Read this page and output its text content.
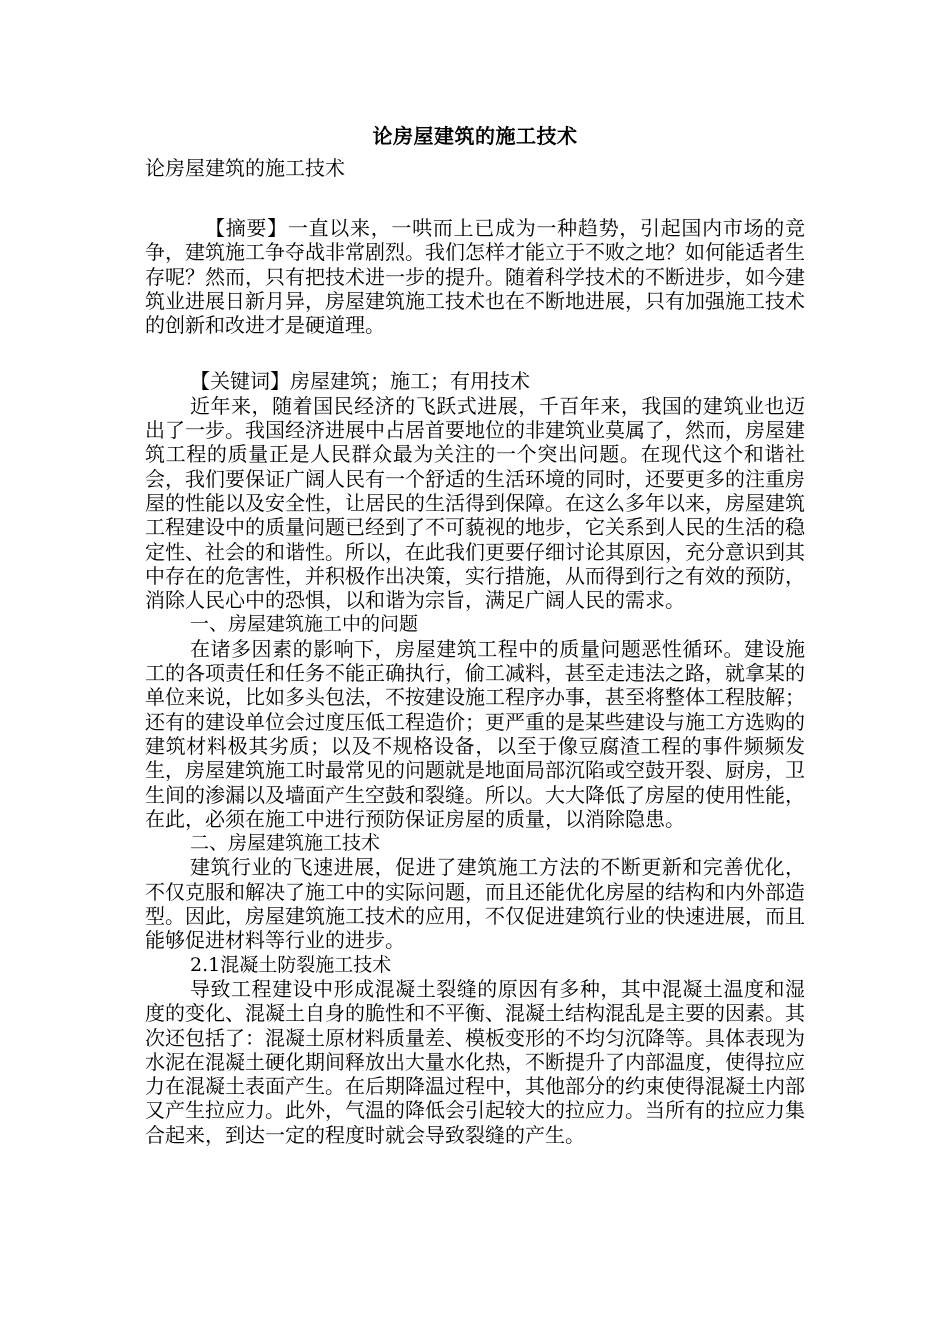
论房屋建筑的施工技术

论房屋建筑的施工技术

【摘要】一直以来，一哄而上已成为一种趋势，引起国内市场的竞争，建筑施工争夺战非常剧烈。我们怎样才能立于不败之地？如何能适者生存呢？然而，只有把技术进一步的提升。随着科学技术的不断进步，如今建筑业进展日新月异，房屋建筑施工技术也在不断地进展，只有加强施工技术的创新和改进才是硬道理。

【关键词】房屋建筑；施工；有用技术

近年来，随着国民经济的飞跃式进展，千百年来，我国的建筑业也迈出了一步。我国经济进展中占居首要地位的非建筑业莫属了，然而，房屋建筑工程的质量正是人民群众最为关注的一个突出问题。在现代这个和谐社会，我们要保证广阔人民有一个舒适的生活环境的同时，还要更多的注重房屋的性能以及安全性，让居民的生活得到保障。在这么多年以来，房屋建筑工程建设中的质量问题已经到了不可藐视的地步，它关系到人民的生活的稳定性、社会的和谐性。所以，在此我们更要仔细讨论其原因，充分意识到其中存在的危害性，并积极作出决策，实行措施，从而得到行之有效的预防，消除人民心中的恐惧，以和谐为宗旨，满足广阔人民的需求。

一、房屋建筑施工中的问题

在诸多因素的影响下，房屋建筑工程中的质量问题恶性循环。建设施工的各项责任和任务不能正确执行，偷工减料，甚至走违法之路，就拿某的单位来说，比如多头包法，不按建设施工程序办事，甚至将整体工程肢解；还有的建设单位会过度压低工程造价；更严重的是某些建设与施工方选购的建筑材料极其劣质；以及不规格设备，以至于像豆腐渣工程的事件频频发生，房屋建筑施工时最常见的问题就是地面局部沉陷或空鼓开裂、厨房，卫生间的渗漏以及墙面产生空鼓和裂缝。所以。大大降低了房屋的使用性能，在此，必须在施工中进行预防保证房屋的质量，以消除隐患。

二、房屋建筑施工技术

建筑行业的飞速进展，促进了建筑施工方法的不断更新和完善优化，不仅克服和解决了施工中的实际问题，而且还能优化房屋的结构和内外部造型。因此，房屋建筑施工技术的应用，不仅促进建筑行业的快速进展，而且能够促进材料等行业的进步。

2.1混凝土防裂施工技术

导致工程建设中形成混凝土裂缝的原因有多种，其中混凝土温度和湿度的变化、混凝土自身的脆性和不平衡、混凝土结构混乱是主要的因素。其次还包括了：混凝土原材料质量差、模板变形的不均匀沉降等。具体表现为水泥在混凝土硬化期间释放出大量水化热，不断提升了内部温度，使得拉应力在混凝土表面产生。在后期降温过程中，其他部分的约束使得混凝土内部又产生拉应力。此外，气温的降低会引起较大的拉应力。当所有的拉应力集合起来，到达一定的程度时就会导致裂缝的产生。
